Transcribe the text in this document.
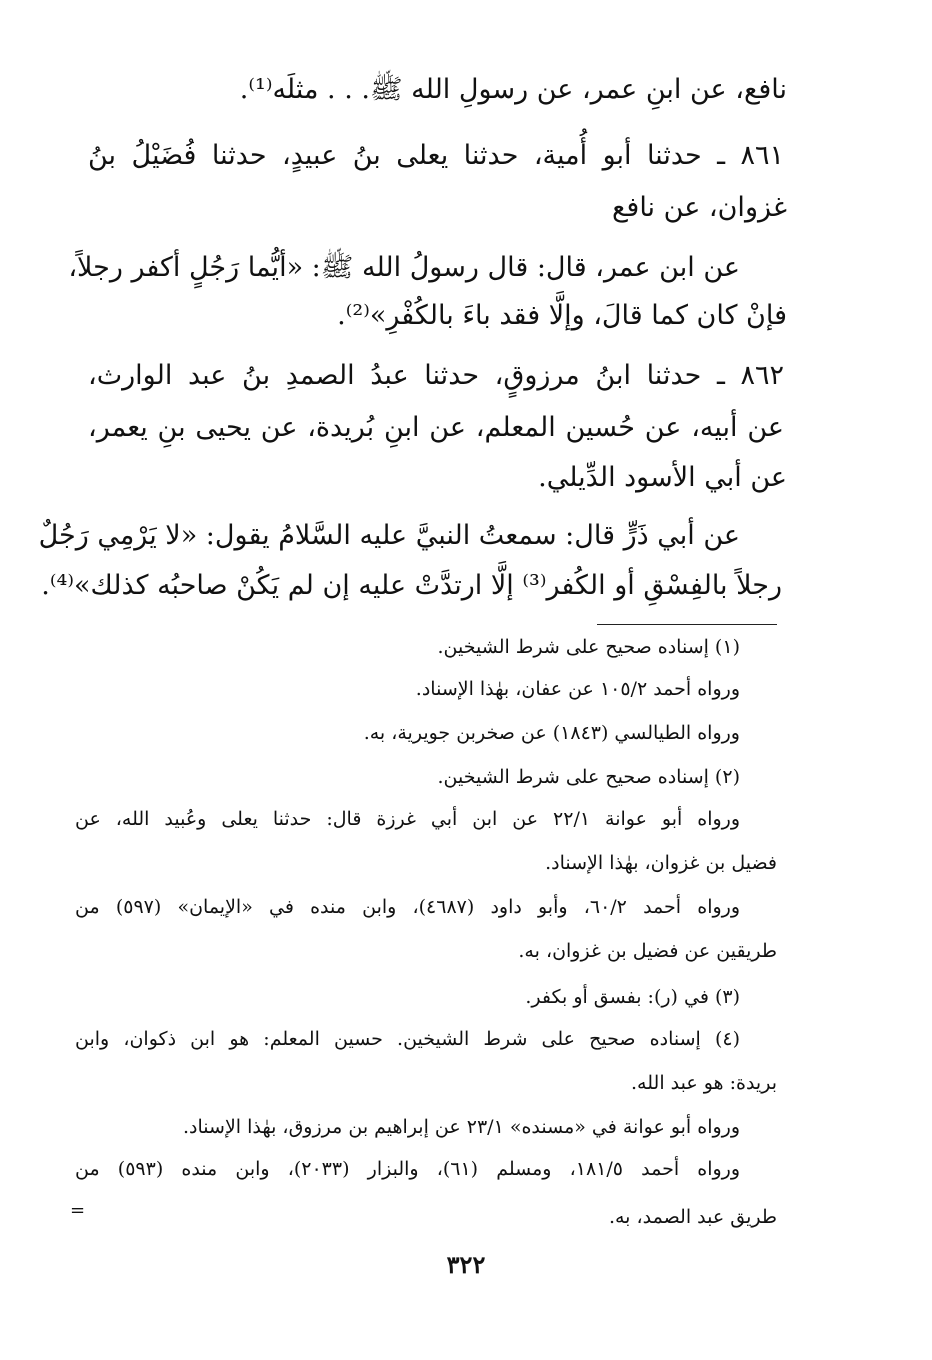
نافع، عن ابنِ عمر، عن رسولِ الله ﷺ. . . مثلَه⁽¹⁾.
٨٦١ ـ حدثنا أبو أُمية، حدثنا يعلى بنُ عبيدٍ، حدثنا فُضَيْلُ بنُ
غزوان، عن نافع
عن ابن عمر، قال: قال رسولُ الله ﷺ: «أيُّما رَجُلٍ أكفر رجلاً،
فإنْ كان كما قالَ، وإلَّا فقد باءَ بالكُفْرِ»⁽²⁾.
٨٦٢ ـ حدثنا ابنُ مرزوقٍ، حدثنا عبدُ الصمدِ بنُ عبد الوارث،
عن أبيه، عن حُسين المعلم، عن ابنِ بُريدة، عن يحيى بنِ يعمر،
عن أبي الأسود الدِّيلي.
عن أبي ذَرٍّ قال: سمعتُ النبيَّ عليه السَّلامُ يقول: «لا يَرْمِي رَجُلٌ
رجلاً بالفِسْقِ أو الكُفر⁽³⁾ إلَّا ارتدَّتْ عليه إن لم يَكُنْ صاحبُه كذلك»⁽⁴⁾.
(١) إسناده صحيح على شرط الشيخين.
ورواه أحمد ١٠٥/٢ عن عفان، بهٰذا الإسناد.
ورواه الطيالسي (١٨٤٣) عن صخربن جويرية، به.
(٢) إسناده صحيح على شرط الشيخين.
ورواه أبو عوانة ٢٢/١ عن ابن أبي غرزة قال: حدثنا يعلى وعُبيد الله، عن
فضيل بن غزوان، بهٰذا الإسناد.
ورواه أحمد ٦٠/٢، وأبو داود (٤٦٨٧)، وابن منده في «الإيمان» (٥٩٧) من
طريقين عن فضيل بن غزوان، به.
(٣) في (ر): بفسق أو بكفر.
(٤) إسناده صحيح على شرط الشيخين. حسين المعلم: هو ابن ذكوان، وابن
بريدة: هو عبد الله.
ورواه أبو عوانة في «مسنده» ٢٣/١ عن إبراهيم بن مرزوق، بهٰذا الإسناد.
ورواه أحمد ١٨١/٥، ومسلم (٦١)، والبزار (٢٠٣٣)، وابن منده (٥٩٣) من
طريق عبد الصمد، به.
=
٣٢٢
